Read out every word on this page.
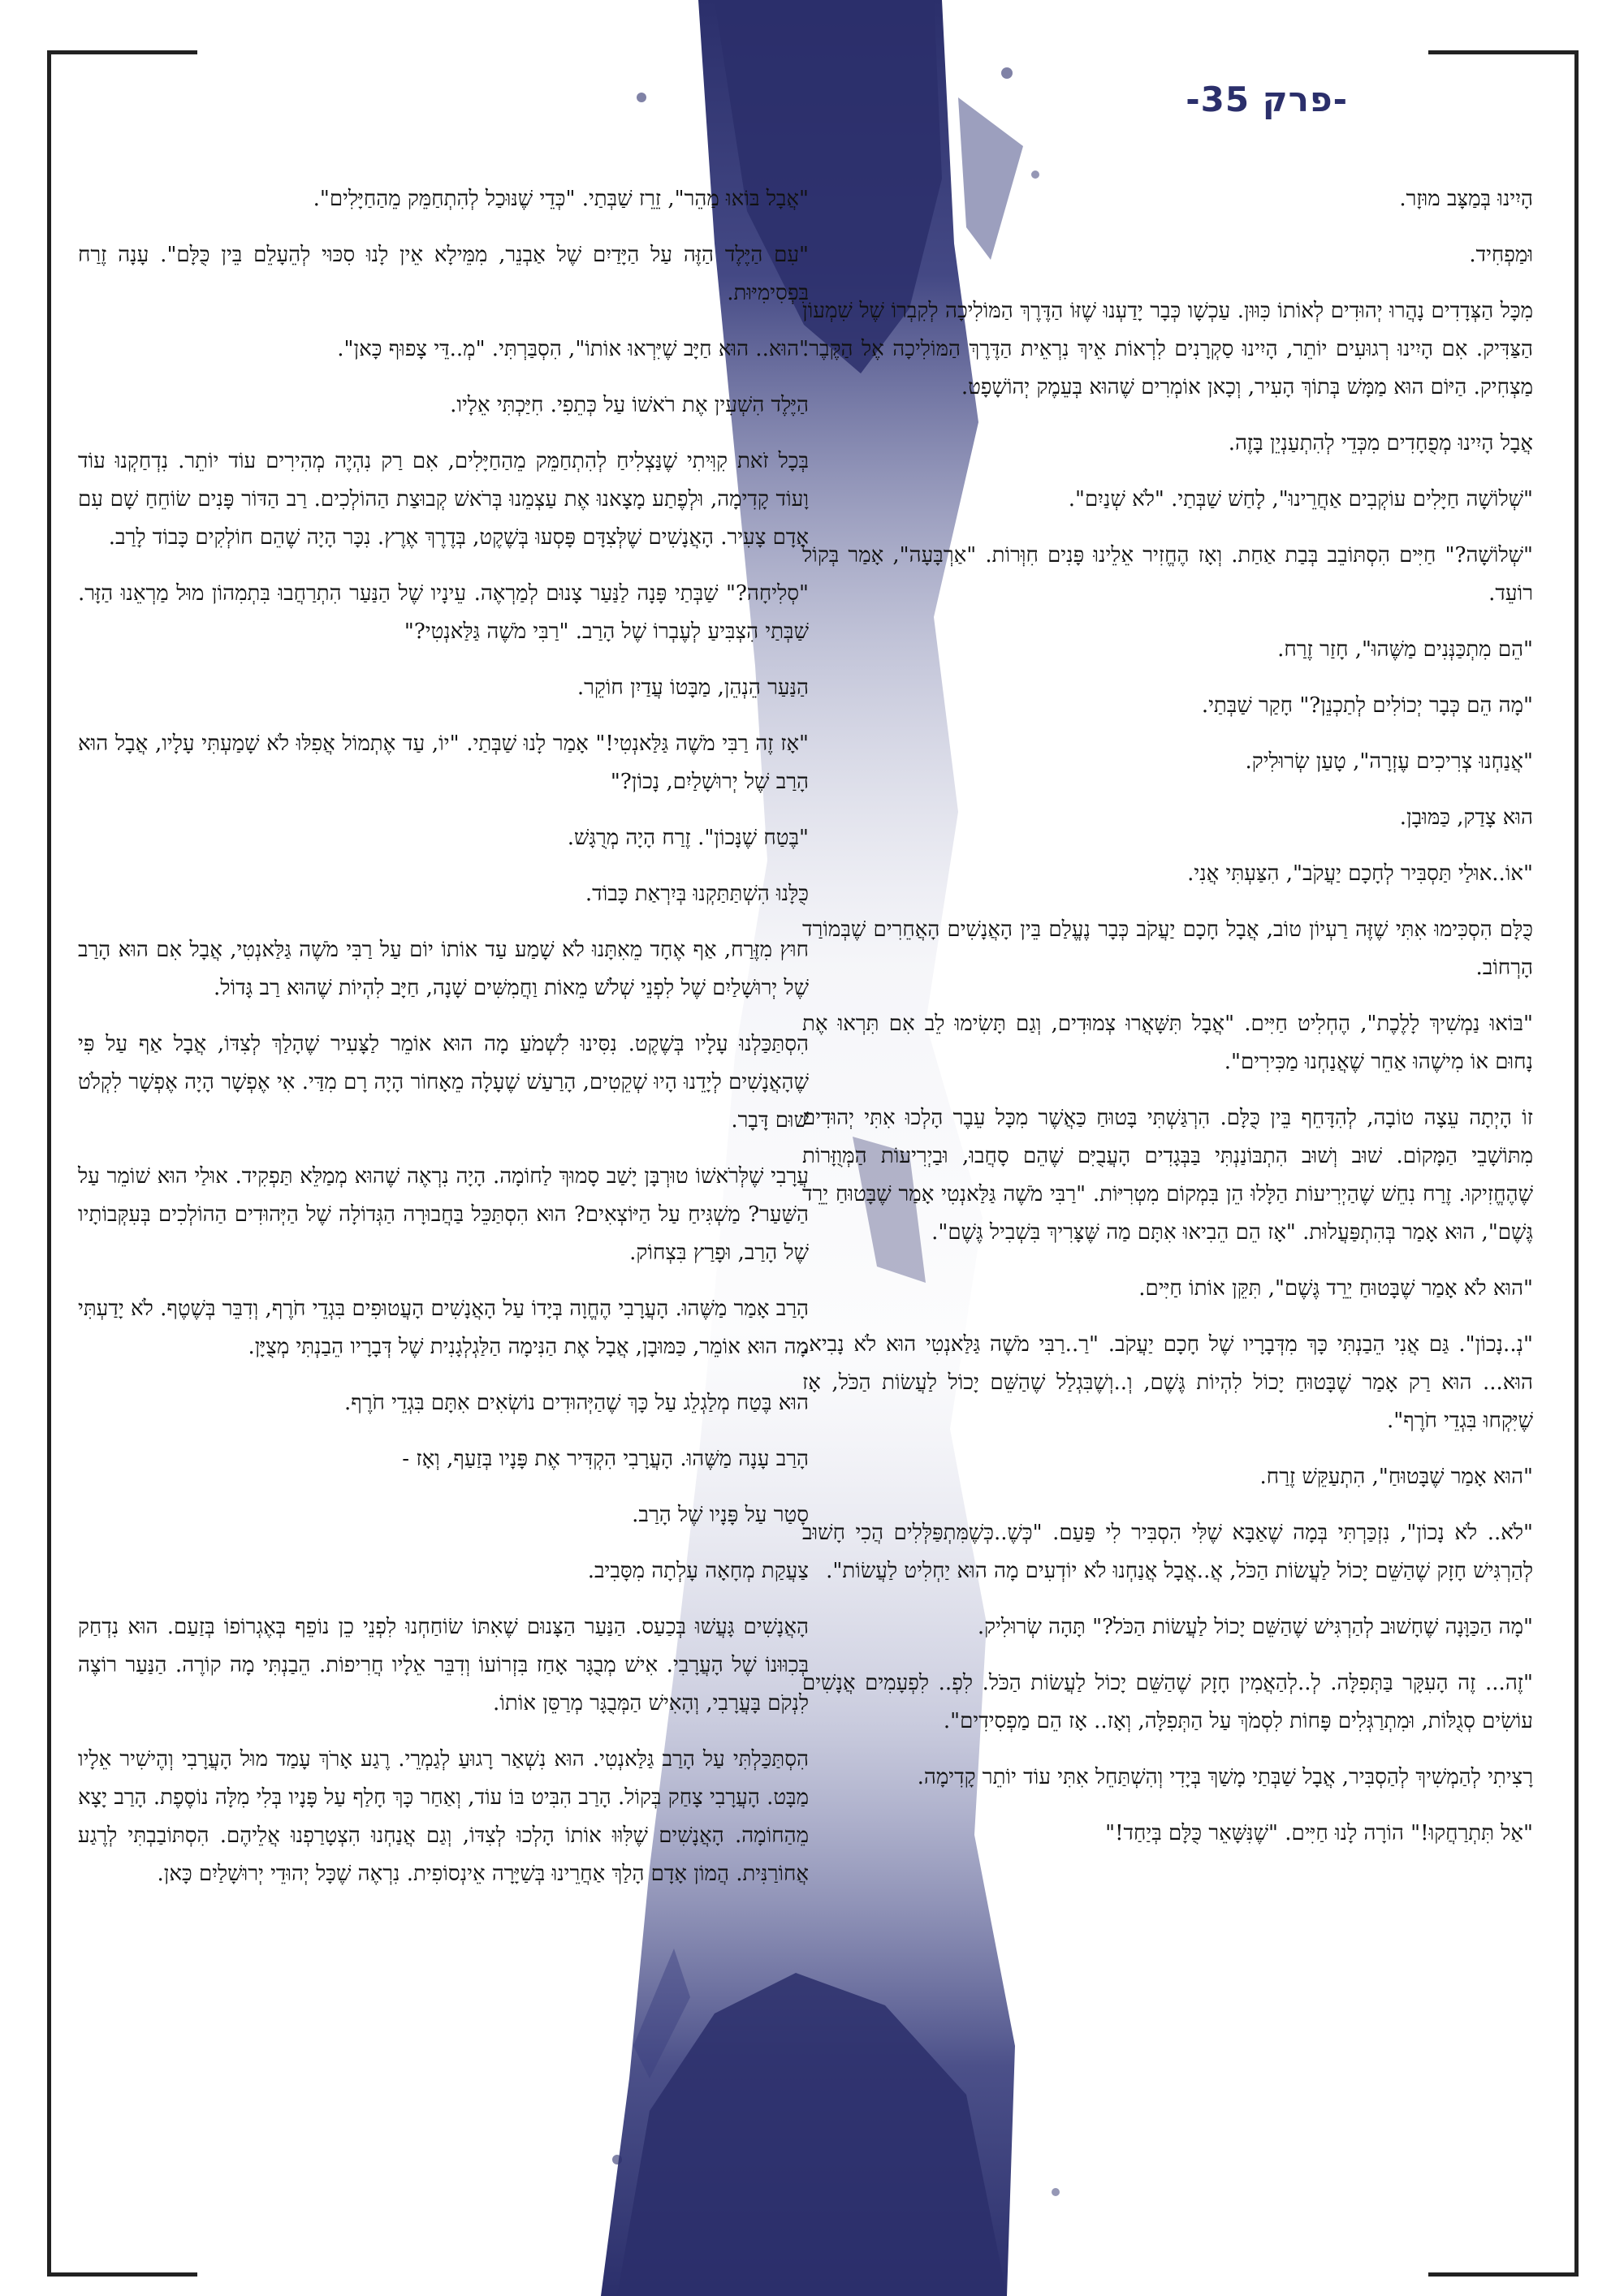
-פרק 35-

הָיִינוּ בְּמַצָּב מוּזָר.

וּמַפְחִיד.

מִכָּל הַצְּדָדִים נָהֲרוּ יְהוּדִים לְאוֹתוֹ כִּוּוּן. עַכְשָׁו כְּבָר יָדַעְנוּ שֶׁזּוֹ הַדֶּרֶךְ הַמּוֹלִיכָה לְקִבְרוֹ שֶׁל שִׁמְעוֹן הַצַּדִּיק. אִם הָיִינוּ רְגוּעִים יוֹתֵר, הָיִינוּ סַקְרָנִים לִרְאוֹת אֵיךְ נִרְאֵית הַדֶּרֶךְ הַמּוֹלִיכָה אֶל הַקֶּבֶר. מַצְחִיק. הַיּוֹם הוּא מַמָּשׁ בְּתוֹךְ הָעִיר, וְכָאן אוֹמְרִים שֶׁהוּא בְּעֵמֶק יְהוֹשָׁפָט.

אֲבָל הָיִינוּ מְפֻחָדִים מִכְּדֵי לְהִתְעַנְיֵן בָּזֶה.

"שְׁלוֹשָׁה חַיָּלִים עוֹקְבִים אַחֲרֵינוּ", לָחַשׁ שַׁבְּתַי. "לֹא שְׁנַיִם".

"שְׁלוֹשָׁה?" חַיִּים הִסְתּוֹבֵב בְּבַת אַחַת. וְאָז הֶחֱזִיר אֵלֵינוּ פָּנִים חִוְּרוֹת. "אַרְבָּעָה", אָמַר בְּקוֹל רוֹעֵד.

"הֵם מִתְכַּנְּנִים מַשֶּׁהוּ", חָזַר זֶרַח.

"מָה הֵם כְּבָר יְכוֹלִים לְתַכְנֵן?" חָקַר שַׁבְּתַי.

"אֲנַחְנוּ צְרִיכִים עֶזְרָה", טָעַן שְׂרוּלִיק.

הוּא צָדַק, כַּמּוּבָן.

"אוֹ..אוּלַי תַּסְבִּיר לְחָכָם יַעֲקֹב", הִצַּעְתִּי אֲנִי.

כֻּלָּם הִסְכִּימוּ אִתִּי שֶׁזֶּה רַעְיוֹן טוֹב, אֲבָל חָכָם יַעֲקֹב כְּבָר נֶעֱלַם בֵּין הָאֲנָשִׁים הָאֲחֵרִים שֶׁבְּמוֹרַד הָרְחוֹב.

"בּוֹאוּ נַמְשִׁיךְ לָלֶכֶת", הֶחְלִיט חַיִּים. "אֲבָל תִּשָּׁאֲרוּ צְמוּדִים, וְגַם תָּשִׂימוּ לֵב אִם תִּרְאוּ אֶת נָחוּם אוֹ מִישֶׁהוּ אַחֵר שֶׁאֲנַחְנוּ מַכִּירִים".

זוֹ הָיְתָה עֵצָה טוֹבָה, לְהִדָּחֵף בֵּין כֻּלָּם. הִרְגַּשְׁתִּי בָּטוּחַ כַּאֲשֶׁר מִכָּל עֵבֶר הָלְכוּ אִתִּי יְהוּדִים מִתּוֹשָׁבֵי הַמָּקוֹם. שׁוּב וְשׁוּב הִתְבּוֹנַנְתִּי בַּבְּגָדִים הָעֲבֻיִּם שֶׁהֵם סָחֲבוּ, וּבַיְרִיעוֹת הַמְּוֻזָּרוֹת שֶׁהֶחֱזִיקוּ. זֶרַח נִחֵשׁ שֶׁהַיְרִיעוֹת הַלָּלוּ הֵן בִּמְקוֹם מִטְרִיּוֹת. "רַבִּי מֹשֶׁה גַּלַּאנְטִי אָמַר שֶׁבָּטוּחַ יֵרֵד גֶּשֶׁם", הוּא אָמַר בְּהִתְפַּעֲלוּת. "אָז הֵם הֵבִיאוּ אִתָּם מַה שֶּׁצָּרִיךְ בִּשְׁבִיל גֶּשֶׁם".

"הוּא לֹא אָמַר שֶׁבָּטוּחַ יֵרֵד גֶּשֶׁם", תִּקֵּן אוֹתוֹ חַיִּים.

"נְ..נָכוֹן". גַּם אֲנִי הֵבַנְתִּי כָּךְ מִדְּבָרָיו שֶׁל חָכָם יַעֲקֹב. "רַ..רַבִּי מֹשֶׁה גַּלַּאנְטִי הוּא לֹא נָבִיא. הוּא... הוּא רַק אָמַר שֶׁבָּטוּחַ יָכוֹל לִהְיוֹת גֶּשֶׁם, וְ..וְשֶׁבִּגְלַל שֶׁהַשֵּׁם יָכוֹל לַעֲשׂוֹת הַכֹּל, אָז שֶׁיִּקְחוּ בִּגְדֵי חֹרֶף".

"הוּא אָמַר שֶׁבָּטוּחַ", הִתְעַקֵּשׁ זֶרַח.

"לֹא.. לֹא נָכוֹן", נִזְכַּרְתִּי בְּמָה שֶׁאַבָּא שֶׁלִּי הִסְבִּיר לִי פַּעַם. "כְּשֶׁ..כְּשֶׁמִּתְפַּלְּלִים הֲכִי חָשׁוּב לְהַרְגִּישׁ חָזָק שֶׁהַשֵּׁם יָכוֹל לַעֲשׂוֹת הַכֹּל, אֲ..אֲבָל אֲנַחְנוּ לֹא יוֹדְעִים מָה הוּא יַחְלִיט לַעֲשׂוֹת".

"מָה הַכַּוָּנָה שֶׁחָשׁוּב לְהַרְגִּישׁ שֶׁהַשֵּׁם יָכוֹל לַעֲשׂוֹת הַכֹּל?" תָּהָה שְׂרוּלִיק.

"זֶה... זֶה הָעִקָּר בַּתְּפִלָּה. לְ..לְהַאֲמִין חָזָק שֶׁהַשֵּׁם יָכוֹל לַעֲשׂוֹת הַכֹּל. לִפְ.. לִפְעָמִים אֲנָשִׁים עוֹשִׂים סְגֻלּוֹת, וּמִתְרַגְּלִים פָּחוֹת לִסְמֹךְ עַל הַתְּפִלָּה, וְאָז.. אָז הֵם מַפְסִידִים".

רָצִיתִי לְהַמְשִׁיךְ לְהַסְבִּיר, אֲבָל שַׁבְּתַי מָשַׁךְ בְּיָדִי וְהִשְׁתַּחֵל אִתִּי עוֹד יוֹתֵר קָדִימָה.

"אַל תִּתְרַחֲקוּ!" הוֹרָה לָנוּ חַיִּים. "שֶׁנִּשָּׁאֵר כֻּלָּם בְּיַחַד!"

"אֲבָל בּוֹאוּ מַהֵר", זֵרֵז שַׁבְּתַי. "כְּדֵי שֶׁנּוּכַל לְהִתְחַמֵּק מֵהַחַיָּלִים".

"עִם הַיֶּלֶד הַזֶּה עַל הַיָּדַיִם שֶׁל אַבְנֵר, מִמֵּילָא אֵין לָנוּ סִכּוּי לְהֵעָלֵם בֵּין כֻּלָּם". עָנָה זֶרַח בִּפְסִימִיּוּת.

"הוּא.. הוּא חַיָּב שֶׁיִּרְאוּ אוֹתוֹ", הִסְבַּרְתִּי. "מְ..דֵּי צָפוּף כָּאן".

הַיֶּלֶד הִשְׁעִין אֶת רֹאשׁוֹ עַל כְּתֵפִי. חִיַּכְתִּי אֵלָיו.

בְּכָל זֹאת קִוִּיתִי שֶׁנַּצְלִיחַ לְהִתְחַמֵּק מֵהַחַיָּלִים, אִם רַק נִהְיֶה מְהִירִים עוֹד יוֹתֵר. נִדְחַקְנוּ עוֹד וָעוֹד קָדִימָה, וּלְפֶתַע מָצָאנוּ אֶת עַצְמֵנוּ בְּרֹאשׁ קְבוּצַת הַהוֹלְכִים. רַב הַדּוֹר פָּנִים שׂוֹחֵחַ שָׁם עִם אָדָם צָעִיר. הָאֲנָשִׁים שֶׁלְּצִדָּם פָּסְעוּ בְּשֶׁקֶט, בְּדֶרֶךְ אֶרֶץ. נִכָּר הָיָה שֶׁהֵם חוֹלְקִים כָּבוֹד לָרַב.

"סְלִיחָה?" שַׁבְּתַי פָּנָה לַנַּעַר צָנוּם לְמַרְאֶה. עֵינָיו שֶׁל הַנַּעַר הִתְרַחֲבוּ בִּתְמִהוֹן מוּל מַרְאֵנוּ הַזָּר. שַׁבְּתַי הִצְבִּיעַ לְעֶבְרוֹ שֶׁל הָרַב. "רַבִּי מֹשֶׁה גַּלַּאנְטִי?"

הַנַּעַר הֵנְהֵן, מַבָּטוֹ עֲדַיִן חוֹקֵר.

"אָז זֶה רַבִּי מֹשֶׁה גַּלַּאנְטִי!" אָמַר לָנוּ שַׁבְּתַי. "יוֹ, עַד אֶתְמוֹל אֲפִלּוּ לֹא שָׁמַעְתִּי עָלָיו, אֲבָל הוּא הָרַב שֶׁל יְרוּשָׁלַיִם, נָכוֹן?"

"בֶּטַח שֶׁנָּכוֹן". זֶרַח הָיָה מְרֻגָּשׁ.

כֻּלָּנוּ הִשְׁתַּתַּקְנוּ בְּיִרְאַת כָּבוֹד.

חוּץ מִזֶּרַח, אַף אֶחָד מֵאִתָּנוּ לֹא שָׁמַע עַד אוֹתוֹ יוֹם עַל רַבִּי מֹשֶׁה גַּלַּאנְטִי, אֲבָל אִם הוּא הָרַב שֶׁל יְרוּשָׁלַיִם שֶׁל לִפְנֵי שְׁלֹשׁ מֵאוֹת וַחֲמִשִּׁים שָׁנָה, חַיָּב לִהְיוֹת שֶׁהוּא רַב גָּדוֹל.

הִסְתַּכַּלְנוּ עָלָיו בְּשֶׁקֶט. נִסִּינוּ לִשְׁמֹעַ מָה הוּא אוֹמֵר לַצָּעִיר שֶׁהָלַךְ לְצִדּוֹ, אֲבָל אַף עַל פִּי שֶׁהָאֲנָשִׁים לְיָדֵנוּ הָיוּ שְׁקֵטִים, הָרַעַשׁ שֶׁעָלָה מֵאָחוֹר הָיָה רָם מִדַּי. אִי אֶפְשָׁר הָיָה אֶפְשָׁר לִקְלֹט שׁוּם דָּבָר.

עֲרָבִי שֶׁלְּרֹאשׁוֹ טוּרְבָּן יָשַׁב סָמוּךְ לַחוֹמָה. הָיָה נִרְאֶה שֶׁהוּא מְמַלֵּא תַּפְקִיד. אוּלַי הוּא שׁוֹמֵר עַל הַשַּׁעַר? מַשְׁגִּיחַ עַל הַיּוֹצְאִים? הוּא הִסְתַּכֵּל בַּחֲבוּרָה הַגְּדוֹלָה שֶׁל הַיְּהוּדִים הַהוֹלְכִים בְּעִקְּבוֹתָיו שֶׁל הָרַב, וּפָרַץ בִּצְחוֹק.

הָרַב אָמַר מַשֶּׁהוּ. הָעֲרָבִי הֶחֱוָה בְּיָדוֹ עַל הָאֲנָשִׁים הָעֲטוּפִים בִּגְדֵי חֹרֶף, וְדִבֵּר בְּשֶׁטֶף. לֹא יָדַעְתִּי מָה הוּא אוֹמֵר, כַּמּוּבָן, אֲבָל אֶת הַנִּימָה הַלַּגְלְגָנִית שֶׁל דְּבָרָיו הֵבַנְתִּי מְצֻיָּן.

הוּא בֶּטַח מְלַגְלֵג עַל כָּךְ שֶׁהַיְּהוּדִים נוֹשְׂאִים אִתָּם בִּגְדֵי חֹרֶף.

הָרַב עָנָה מַשֶּׁהוּ. הָעֲרָבִי הִקְדִּיר אֶת פָּנָיו בְּזַעַף, וְאָז -

סָטַר עַל פָּנָיו שֶׁל הָרַב.

צַעֲקַת מְחָאָה עָלְתָה מִסָּבִיב.

הָאֲנָשִׁים גָּעֲשׁוּ בְּכַעַס. הַנַּעַר הַצָּנוּם שֶׁאִתּוֹ שׂוֹחַחְנוּ לִפְנֵי כֵן נוֹפֵף בְּאֶגְרוֹפוֹ בְּזַעַם. הוּא נִדְחַק בְּכִוּוּנוֹ שֶׁל הָעֲרָבִי. אִישׁ מְבֻגָּר אָחַז בִּזְרוֹעוֹ וְדִבֵּר אֵלָיו חֲרִיפוֹת. הֵבַנְתִּי מָה קוֹרֶה. הַנַּעַר רוֹצֶה לִנְקֹם בָּעֲרָבִי, וְהָאִישׁ הַמְּבֻגָּר מְרַסֵּן אוֹתוֹ.

הִסְתַּכַּלְתִּי עַל הָרַב גַּלַּאנְטִי. הוּא נִשְׁאַר רָגוּעַ לְגַמְרֵי. רֶגַע אָרֹךְ עָמַד מוּל הָעֲרָבִי וְהֶישִׁיר אֵלָיו מַבָּט. הָעֲרָבִי צָחַק בְּקוֹל. הָרַב הִבִּיט בּוֹ עוֹד, וְאַחַר כָּךְ חָלַף עַל פָּנָיו בְּלִי מִלָּה נוֹסֶפֶת. הָרַב יָצָא מֵהַחוֹמָה. הָאֲנָשִׁים שֶׁלִּוּוּ אוֹתוֹ הָלְכוּ לְצִדּוֹ, וְגַם אֲנַחְנוּ הִצְטָרַפְנוּ אֲלֵיהֶם. הִסְתּוֹבַבְתִּי לְרֶגַע אֲחוֹרַנִּית. הֲמוֹן אָדָם הָלַךְ אַחֲרֵינוּ בְּשַׁיָּרָה אֵינְסוֹפִית. נִרְאֶה שֶׁכָּל יְהוּדֵי יְרוּשָׁלַיִם כָּאן.
